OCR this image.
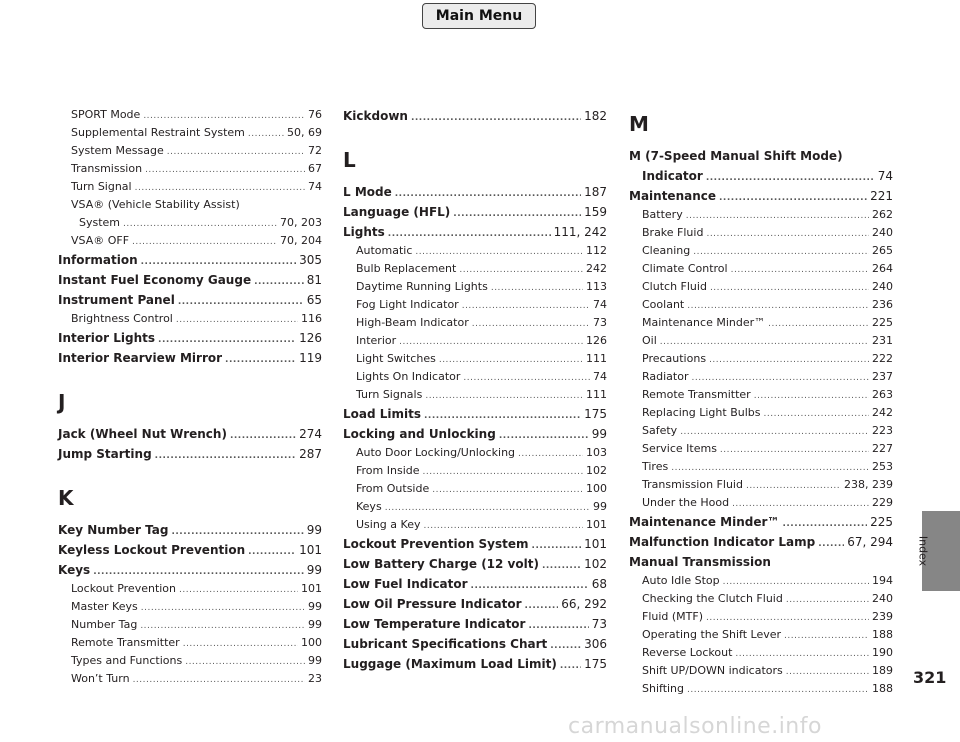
Main Menu
SPORT Mode .....	76
Supplemental Restraint System .....	50, 69
System Message .....	72
Transmission .....	67
Turn Signal .....	74
VSA® (Vehicle Stability Assist)
System .....	70, 203
VSA® OFF .....	70, 204
Information .....	305
Instant Fuel Economy Gauge .....	81
Instrument Panel .....	65
Brightness Control .....	116
Interior Lights .....	126
Interior Rearview Mirror .....	119
J
Jack (Wheel Nut Wrench) .....	274
Jump Starting .....	287
K
Key Number Tag .....	99
Keyless Lockout Prevention .....	101
Keys .....	99
Lockout Prevention .....	101
Master Keys .....	99
Number Tag .....	99
Remote Transmitter .....	100
Types and Functions .....	99
Won’t Turn .....	23
Kickdown .....	182
L
L Mode .....	187
Language (HFL) .....	159
Lights .....	111, 242
Automatic .....	112
Bulb Replacement .....	242
Daytime Running Lights .....	113
Fog Light Indicator .....	74
High-Beam Indicator .....	73
Interior .....	126
Light Switches .....	111
Lights On Indicator .....	74
Turn Signals .....	111
Load Limits .....	175
Locking and Unlocking .....	99
Auto Door Locking/Unlocking .....	103
From Inside .....	102
From Outside .....	100
Keys .....	99
Using a Key .....	101
Lockout Prevention System .....	101
Low Battery Charge (12 volt) .....	102
Low Fuel Indicator .....	68
Low Oil Pressure Indicator .....	66, 292
Low Temperature Indicator .....	73
Lubricant Specifications Chart .....	306
Luggage (Maximum Load Limit) ..... 175
M
M (7-Speed Manual Shift Mode)
Indicator .....	74
Maintenance .....	221
Battery .....	262
Brake Fluid .....	240
Cleaning .....	265
Climate Control .....	264
Clutch Fluid .....	240
Coolant .....	236
Maintenance Minder™ .....	225
Oil .....	231
Precautions .....	222
Radiator .....	237
Remote Transmitter .....	263
Replacing Light Bulbs .....	242
Safety .....	223
Service Items .....	227
Tires .....	253
Transmission Fluid .....	238, 239
Under the Hood .....	229
Maintenance Minder™ .....	225
Malfunction Indicator Lamp .....	67, 294
Manual Transmission
Auto Idle Stop .....	194
Checking the Clutch Fluid .....	240
Fluid (MTF) .....	239
Operating the Shift Lever .....	188
Reverse Lockout .....	190
Shift UP/DOWN indicators .....	189
Shifting .....	188
Index
321
carmanualsonline.info
